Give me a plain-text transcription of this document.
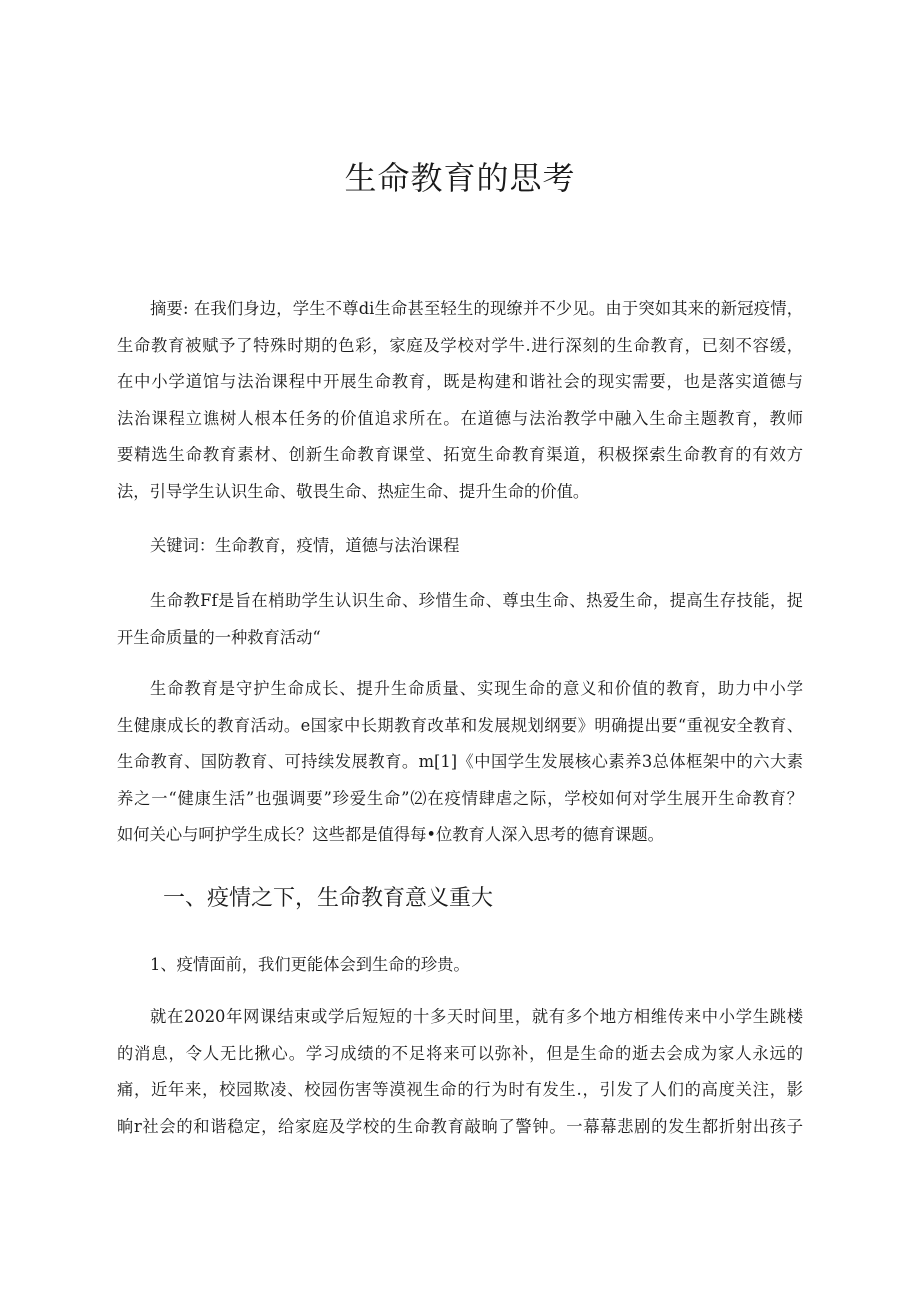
生命教育的思考
摘要: 在我们身边，学生不尊di生命甚至轻生的现缭并不少见。由于突如其来的新冠疫情，
生命教育被赋予了特殊时期的色彩，家庭及学校对学牛.进行深刻的生命教育，已刻不容缓，
在中小学道馆与法治课程中开展生命教育，既是构建和谐社会的现实需要，也是落实道德与
法治课程立谯树人根本任务的价值追求所在。在道德与法治教学中融入生命主题教育，教师
要精选生命教育素材、创新生命教育课堂、拓宽生命教育渠道，积极探索生命教育的有效方
法，引导学生认识生命、敬畏生命、热症生命、提升生命的价值。
关键词：生命教育，疫情，道德与法治课程
生命教Ff是旨在梢助学生认识生命、珍惜生命、尊虫生命、热爱生命，提高生存技能，捉
开生命质量的一种救育活动“
生命教育是守护生命成长、提升生命质量、实现生命的意义和价值的教育，助力中小学
生健康成长的教育活动。e国家中长期教育改革和发展规划纲要》明确提出要“重视安全教育、
生命教育、国防教育、可持续发展教育。m[1]《中国学生发展核心素养3总体框架中的六大素
养之一“健康生活”也强调要”珍爱生命”⑵在疫情肆虐之际，学校如何对学生展开生命教育？
如何关心与呵护学生成长？这些都是值得每•位教育人深入思考的德育课题。
一、疫情之下，生命教育意义重大

1、疫情面前，我们更能体会到生命的珍贵。

就在2020年网课结束或学后短短的十多天时间里，就有多个地方相维传来中小学生跳楼
的消息，令人无比揪心。学习成绩的不足将来可以弥补，但是生命的逝去会成为家人永远的
痛，近年来，校园欺凌、校园伤害等漠视生命的行为时有发生.，引发了人们的高度关注，影
晌r社会的和谐稳定，给家庭及学校的生命教育敲晌了警钟。一幕幕悲剧的发生都折射出孩子
